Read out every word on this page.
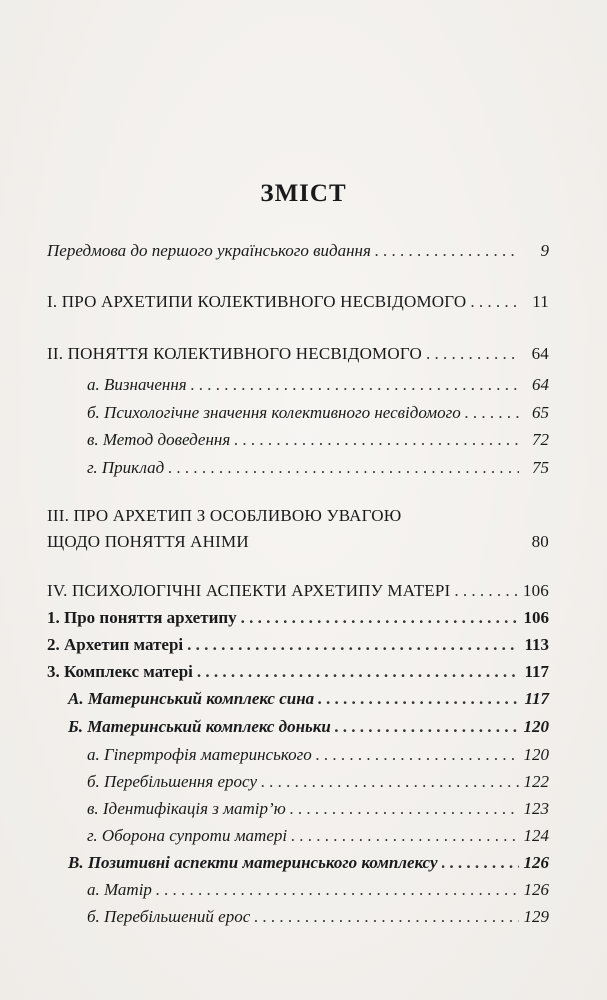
ЗМІСТ
Передмова до першого українського видання . . .	9
I. ПРО АРХЕТИПИ КОЛЕКТИВНОГО НЕСВІДОМОГО . . .	11
II. ПОНЯТТЯ КОЛЕКТИВНОГО НЕСВІДОМОГО . . .	64
а. Визначення . . .	64
б. Психологічне значення колективного несвідомого . . .	65
в. Метод доведення . . .	72
г. Приклад . . .	75
III. ПРО АРХЕТИП З ОСОБЛИВОЮ УВАГОЮ
ЩОДО ПОНЯТТЯ АНІМИ	80
IV. ПСИХОЛОГІЧНІ АСПЕКТИ АРХЕТИПУ МАТЕРІ . . .	106
1. Про поняття архетипу . . .	106
2. Архетип матері . . .	113
3. Комплекс матері . . .	117
А. Материнський комплекс сина . . .	117
Б. Материнський комплекс доньки . . .	120
а. Гіпертрофія материнського . . .	120
б. Перебільшення еросу . . .	122
в. Ідентифікація з матір’ю . . .	123
г. Оборона супроти матері . . .	124
В. Позитивні аспекти материнського комплексу . . .	126
а. Матір . . .	126
б. Перебільшений ерос . . .	129
